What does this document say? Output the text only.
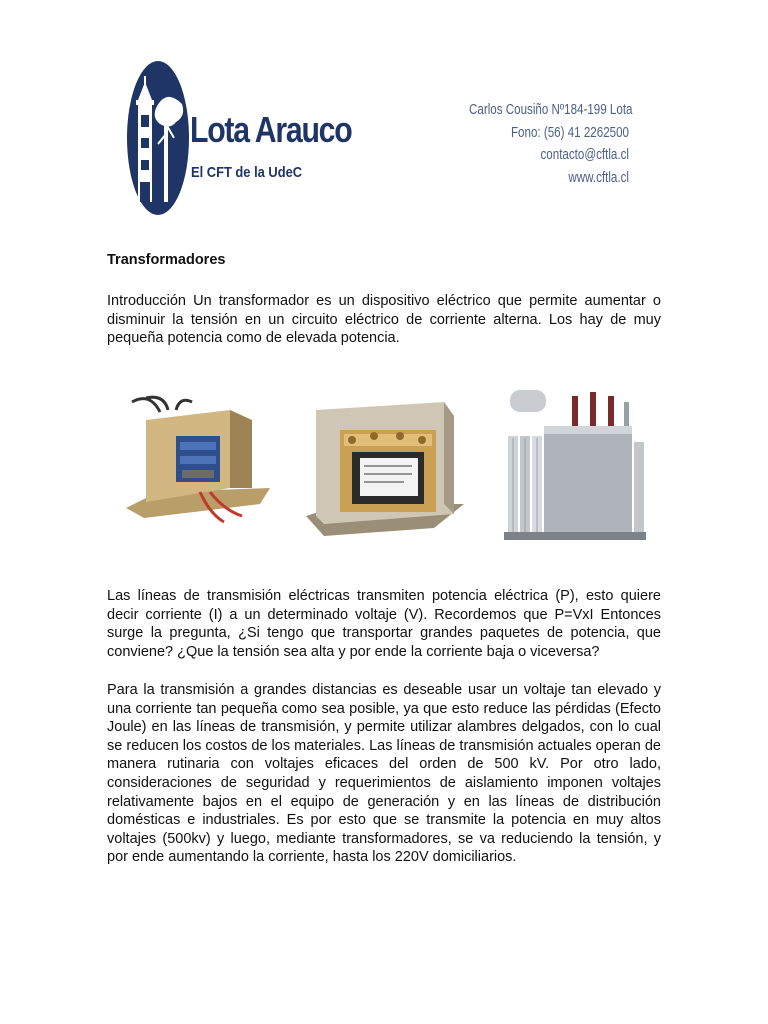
Lota Arauco
El CFT de la UdeC
Carlos Cousiño Nº184-199 Lota
Fono: (56) 41 2262500
contacto@cftla.cl
www.cftla.cl
Transformadores

Introducción Un transformador es un dispositivo eléctrico que permite aumentar o disminuir la tensión en un circuito eléctrico de corriente alterna. Los hay de muy pequeña potencia como de elevada potencia.

Las líneas de transmisión eléctricas transmiten potencia eléctrica (P), esto quiere decir corriente (I) a un determinado voltaje (V). Recordemos que P=VxI Entonces surge la pregunta, ¿Si tengo que transportar grandes paquetes de potencia, que conviene? ¿Que la tensión sea alta y por ende la corriente baja o viceversa?

Para la transmisión a grandes distancias es deseable usar un voltaje tan elevado y una corriente tan pequeña como sea posible, ya que esto reduce las pérdidas (Efecto Joule) en las líneas de transmisión, y permite utilizar alambres delgados, con lo cual se reducen los costos de los materiales. Las líneas de transmisión actuales operan de manera rutinaria con voltajes eficaces del orden de 500 kV. Por otro lado, consideraciones de seguridad y requerimientos de aislamiento imponen voltajes relativamente bajos en el equipo de generación y en las líneas de distribución domésticas e industriales. Es por esto que se transmite la potencia en muy altos voltajes (500kv) y luego, mediante transformadores, se va reduciendo la tensión, y por ende aumentando la corriente, hasta los 220V domiciliarios.
